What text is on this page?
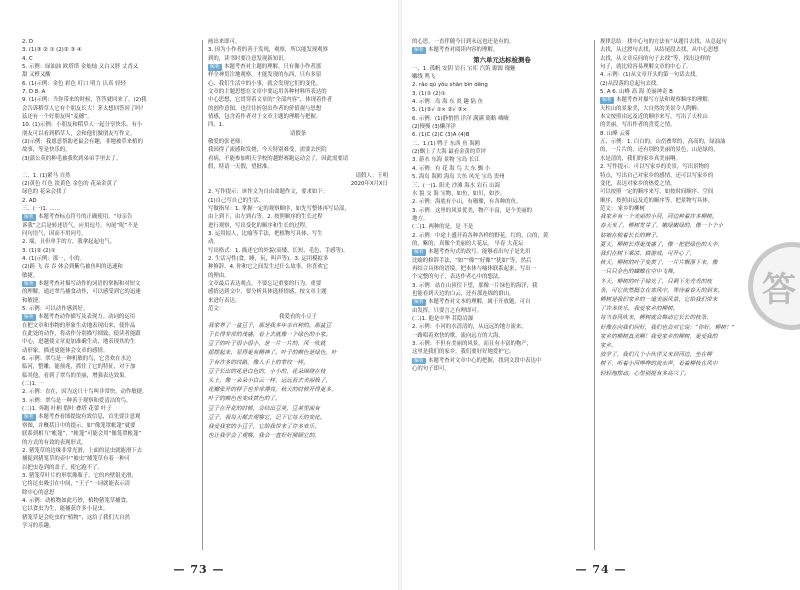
2. D
3. (1)③ ② ① (2)② ③ ④
4. C
5. 示例：绿油油 欧塔塔 金灿灿 又白又胖 丈香又
甜 又橙又酸
6. (1)示例：金色 彩色 叮口 明力 认真 轻轻
7. D 8. A
9. (1)示例：当你带来的时候，答答就回来了。(2)我
会告诉稻草人它有个朋友长大！茅太想回答回了吗？
蕊还有一个好朋友叫“麦穗”。
10. (1)示例：小朋友和稻草人一起分享快乐，有小
朋友可以看到稻草人，会和他们做朋友写作文。
(2)示例：我愿意帮助老鼠会有趣，非地被草来植的
故事，等是快乐的。
(3)蒲公英的种毛被我吹到弟弟手里去了。

二、1. (1)紧马 自然
(2)黄色 红色 淡黄色 金色的 花朵金黄了
绿色的 花朵会找了
2. AD
三、(一)1. ……
解析 本题考查标点符号的正确使用。“母亲告
诉我”之后是转述语气，应用逗号。句尾“呢”不是
问句语气，因而不用问号。
2. 端，且但单手的方，我拿起起电气。
3. (1)② (2)①
4. (1)示例：那一，小的。
(2)跨 飞 吞 吞 体会到紫鸟被鱼叫的迅速和
敏捷。
解析 本题考查对描写动作的词语的掌握和对短文
的理解。通过翠鸟捕食动作，可以感受到它的迅速
和敏捷。
5. 示例：可以动作感到好。
解析 本题考查动作描写及表现力。动词的运用
在把文章和事物的形象生动地表现出来，使作品
在此处的动作，将动作分别描写细致，使读者能跟
中心，进越使文章更加准确生动，地表现其的生
动形象，描述更能体会文章的感情。
6. 示例：翠鸟是一种机敏的鸟，它喜欢在水边
临河，整雕，能预兆，抓住了它的特征，对于加
临其他，看到了翠鸟的美丽，增强表达效果。
(二)1. 一
2. 示例：直在，因为这只十鸟叫非常快，动作敏捷。
3. 示例：翠鸟是一种善于观察和爱清洁的鸟。
(二)1. 奔跑 叶柄 假叶 叠塔 花蕾 叶子
解析 本题考查看图提取有效信息，首先要注意观
察图，并概括日中的提示，如“像笼罩帐篷”就要
联系到相互“帐篷”，“帐篷”可能会用“像笼罩帐篷”
的方式的有效的表现形式。
2. 猪笼草的边缘非常光滑，上面的昆虫就能滑下去
捕捉到猪笼草的壶中“被虫”捕笼草有着一种可
以把虫卷到的盖子，使它跑不了。
3. 猪笼草叶片的形状像瓶子，它的内壁很光滑，
它将昆虫吸引在中间，“王子”一词就能表示清
除中心的意思
4. 示例：动植物如此巧妙，植物猪笼草捕食，
它以食虫为生，能捕获许多小昆虫。
猪笼草是会吃虫的“植物”，这给了我们大自然
学习的乐趣。
画出来即可。
3. 因为小作者的善于发现，观察，所以能发现观察
到的，读书时要注意发现新知识。
解析 本题考查对主题的理解。只有像小作者那
样全神贯注地观察，才能发现的东西，只有多留
心、我们生活中的小事，就会发现它们的变化。
文章的主题思想在文章中要运用各种材料所表达的
中心思想，它贯穿着文章的“全部内容”，体现着作者
的创作意图，也往往折射出作者的价值观与思想
情感，包含着作者对于文章主题的理解与把握。
四、1.
请假条
敬爱的张老师：
我因得了流感和发烧，今天特别难受，需要去医院
看病，不能参加明天学校的越野赛跑运动会了，因此需要请
假，特请一天假，望批准。
请假人：王明
2020年X月X日
2. 写作提示：该作文为自由命题作文，要求如下：
(1)自己写自己的生活。
写做指导：1. 掌握一定的观察顺序，如先写整体再写局部，
由上到下，由左到右等。2. 按照顺序的生长过程
进行观察，写出变化的顺序和生长的过程。
3. 运用拟人，比喻等手法，把植物写具体、写生
动。
写出格式：1. 描述它的外貌(高矮、长短、毛色、手感等)。
2. 生活习性(食，睡，玩，叫声等)。3. 运用模拟多
种修辞。4. 你和它之间发生过什么故事，你喜欢它
的理由。
文章最后表达观点，不要忘记重要的行为，重要
感情达到文中，要分析具体选择情感，按文章主题
来进行表达。
范文：
我爱看的小豆子
我家养了一盆豆子，那是我多年亲自种的。那盆豆
子长得非常的茂盛，看上去就像一个绿色的小家。
豆子的叶子很小很小，是一片一片的，风一吹就
摇摆起来，显得更有精神了。叶子的颜色是绿色，叶
子有许多的纹路，像人手上的掌纹一样。
豆子长出的花是白色的，小小的，花朵围绕在枝
头上，像一朵朵小白云一样，远远看去美丽极了，
花瓣张开的样子也非常漂亮，秋天的时候开得更多，
叶子的颜色也变成黄色的了。
豆子在开花的时候，会结出豆荚，豆荚里面有
豆子，我每天都去观察它，记下它每天的变化。
我爱我家的小豆子，它给我带来了许多欢乐，
也让我学会了观察，我会一直好好照顾它的。
— 73 —
的心思，一直伴随今日到永远也还是有的。
解析 本题考查对阅读内容的理解。
第六单元达标检测卷
一、1. 孤帆 安阴 岩石 宝库 汽笛 源源 瑰魅
嫩线 鸣飞
2. rǎo qú yōu shān bīn dēng
3. (1)① (2)①
4. 示例：岛 海 东 炎 趣 陆 鱼
5. (1)②√ ①× ②√ ③×
6. 示例：(1)静悄悄 洋洋 满满 简略 嗨嗨
(2)慢慢 (3)懒洋洋
6. (1)C (2)C (3)A (4)B
二、1.(1) 鸭子 东西 鱼 海鸥
(2)飘上了大海 最看金黄的草坪
3. 游水 东海 景物 宝岛 长江
4. 示例：有 花 海 鸟 大 东 飘 小
5. 海岛 海鸥 海岛 大鱼 风光 宝岛 贵州
三、(一)1. 阳光 沙滩 海水 岩石 山海
水 貌 交 海 宝物，如鱼，如贝，如沙。
2. 示例：海底有小山，有珊瑚，有各种的鱼。
3. 示例：这里的风景优美，物产丰富，是个美丽的
地方。
(二)1. 两种的是，是 不是
2. 示例：中途上盛开着各种各样的野花，红的，白的，黄
的，紫的，真像个美丽的大花坛。 早春 大花坛
解析 本题考查句式的改写。能够看出句子是先用
比喻的修辞手法，“如”“像”“好像”“犹如”等，然后
再结合具体的语境，把本体与喻体联系起来，写出一
个完整的句子，表达作者心中的想法。
3. 示例：站在山顶往下望，那像一片绿色的海洋，我
也能看到天边的白云，还有那连绵的群山。
解析 本题考查对文本的理解，属于开放题，可自
由发挥，只要言之有理即可。
(二)1. 他是中华 茗隐岩瀑
2. 示例：小河的水清清的，从远远的地方流来，
一路唱着欢快的歌，流向远方的大海。
3. 示例：不但有美丽的风景，而且有丰富的物产，
这里是我们的家乡，我们要好好地爱护它。
解析 本题考查对文章中心的把握，找到文段中表达中
心的句子即可。
规律总结：找中心句的方法有“从题目去找，从总起句
去找，从过渡句去找，从结尾段去找，从中心思想
去找，从文章反问的句子去找”等，找出这样的
句子，就比较容易理解文章的中心了。
4. 示例：(1)从文章开头的第一句话去找。
(2)从段落的总起句去找。
5. A 6. 山峰 高 海 美丽神奇 B
解析 本题考查对描写方法和观察顺序的理解。
天柱山的景象美，大自然的美景令人陶醉。
本文按照由远及近的顺序来写，写出了天柱山
的美丽，写出作者的喜爱之情。
8. 山峰 云雾
五、示例：1. 白白的，山峦叠翠的，高高的，绿油油
的，一片片的，还有别的美丽的景色，山是绿的，
水是清的，我们的家乡真美丽啊。
2. 写作提示：可以写家乡的美景，写出景物的
特点，写出自己对家乡的感情，还可以写家乡的
变化，表达对家乡的热爱之情。
可以按照一定的顺序来写，如按时间顺序、空间
顺序，按照由远及近的顺序等，把景物写具体。
范文： 家乡的柳树
我家乡有一个美丽的小河，河边种着许多柳树。
春天来了，柳树发芽了，嫩绿嫩绿的，像一个个小
姑娘在梳着长长的辫子。
夏天，柳树长得更茂盛了，像一把把绿色的大伞，
我们在树下乘凉、做游戏，可开心了。
秋天，柳树的叶子变黄了，一片片飘落下来，像
一只只金色的蝴蝶在空中飞舞。
冬天，柳树的叶子掉光了，只剩下光秃秃的枝
条，可它依然挺立在寒风中，等待着春天的到来。
柳树是我们家乡的一道美丽风景，它给我们带来
了许多快乐，我爱家乡的柳树。
每当春风吹来，柳树就会舞动它长长的枝条，
好像在向我们问好，我们也会对它说：“你好，柳树！”
家乡的柳树真美啊！我爱家乡的柳树，更爱我的
家乡。
放学了，我们几个小伙伴又来到河边，坐在柳
树下，听着小河哗哗的流水声，看着柳枝在风中
轻轻地摆动，心里别提有多高兴了。
— 74 —
答
